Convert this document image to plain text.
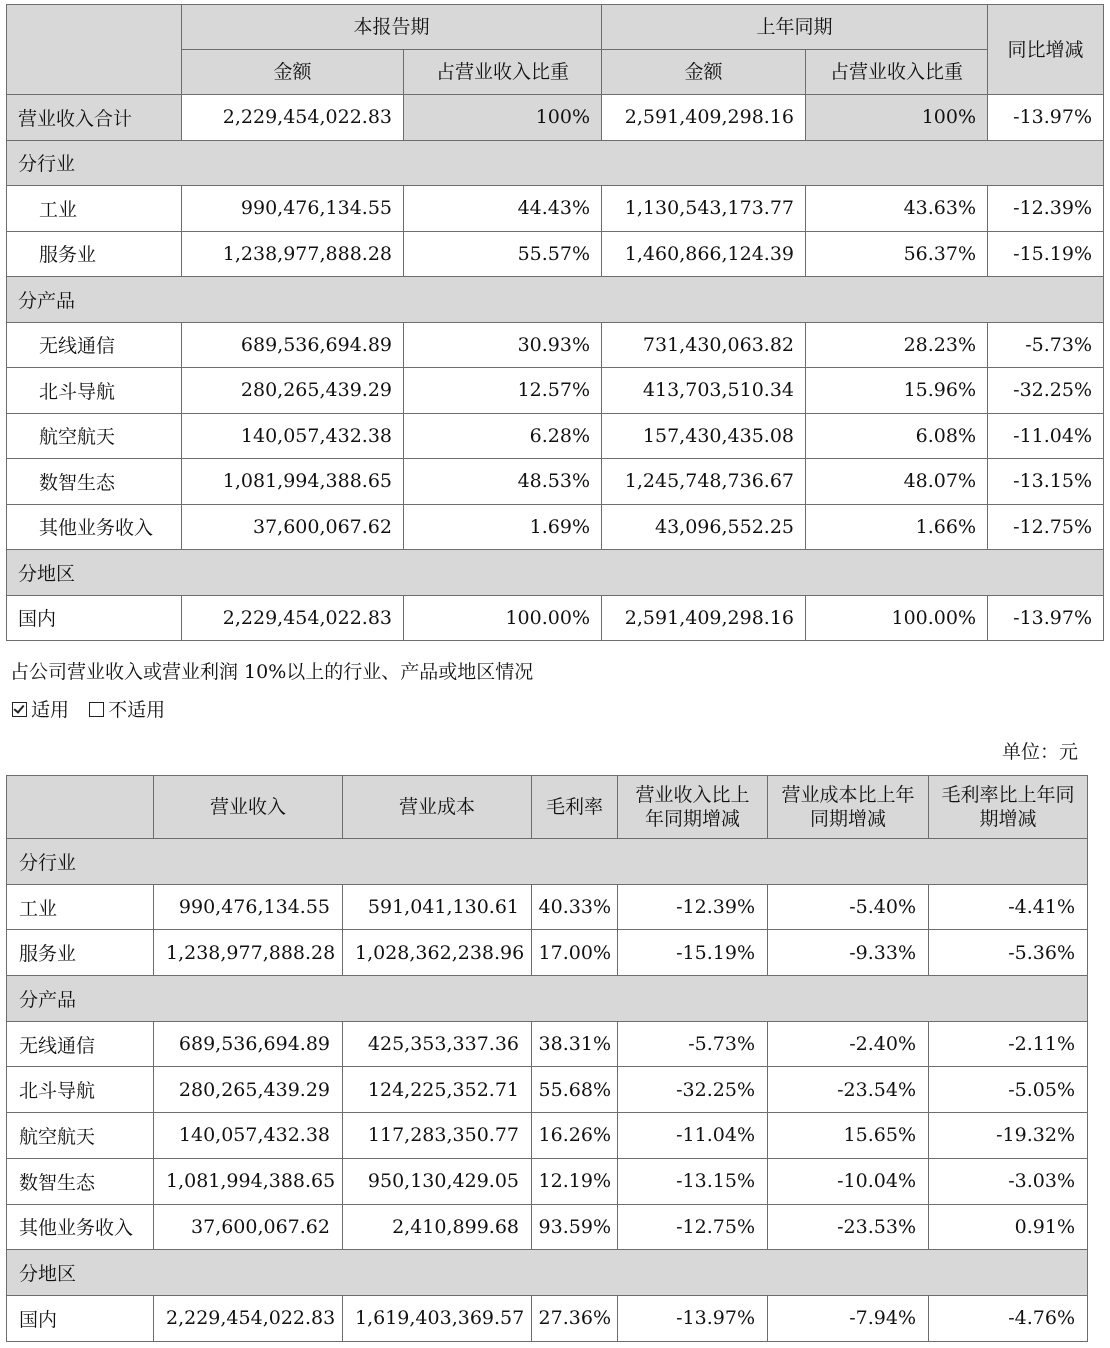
	本报告期		上年同期		同比增减
	金额	占营业收入比重	金额	占营业收入比重	
营业收入合计	2,229,454,022.83	100%	2,591,409,298.16	100%	-13.97%
分行业					
工业	990,476,134.55	44.43%	1,130,543,173.77	43.63%	-12.39%
服务业	1,238,977,888.28	55.57%	1,460,866,124.39	56.37%	-15.19%
分产品					
无线通信	689,536,694.89	30.93%	731,430,063.82	28.23%	-5.73%
北斗导航	280,265,439.29	12.57%	413,703,510.34	15.96%	-32.25%
航空航天	140,057,432.38	6.28%	157,430,435.08	6.08%	-11.04%
数智生态	1,081,994,388.65	48.53%	1,245,748,736.67	48.07%	-13.15%
其他业务收入	37,600,067.62	1.69%	43,096,552.25	1.66%	-12.75%
分地区					
国内	2,229,454,022.83	100.00%	2,591,409,298.16	100.00%	-13.97%
占公司营业收入或营业利润 10%以上的行业、产品或地区情况
适用 不适用
单位：元
	营业收入	营业成本	毛利率	营业收入比上年同期增减	营业成本比上年同期增减	毛利率比上年同期增减
分行业						
工业	990,476,134.55	591,041,130.61	40.33%	-12.39%	-5.40%	-4.41%
服务业	1,238,977,888.28	1,028,362,238.96	17.00%	-15.19%	-9.33%	-5.36%
分产品						
无线通信	689,536,694.89	425,353,337.36	38.31%	-5.73%	-2.40%	-2.11%
北斗导航	280,265,439.29	124,225,352.71	55.68%	-32.25%	-23.54%	-5.05%
航空航天	140,057,432.38	117,283,350.77	16.26%	-11.04%	15.65%	-19.32%
数智生态	1,081,994,388.65	950,130,429.05	12.19%	-13.15%	-10.04%	-3.03%
其他业务收入	37,600,067.62	2,410,899.68	93.59%	-12.75%	-23.53%	0.91%
分地区						
国内	2,229,454,022.83	1,619,403,369.57	27.36%	-13.97%	-7.94%	-4.76%
